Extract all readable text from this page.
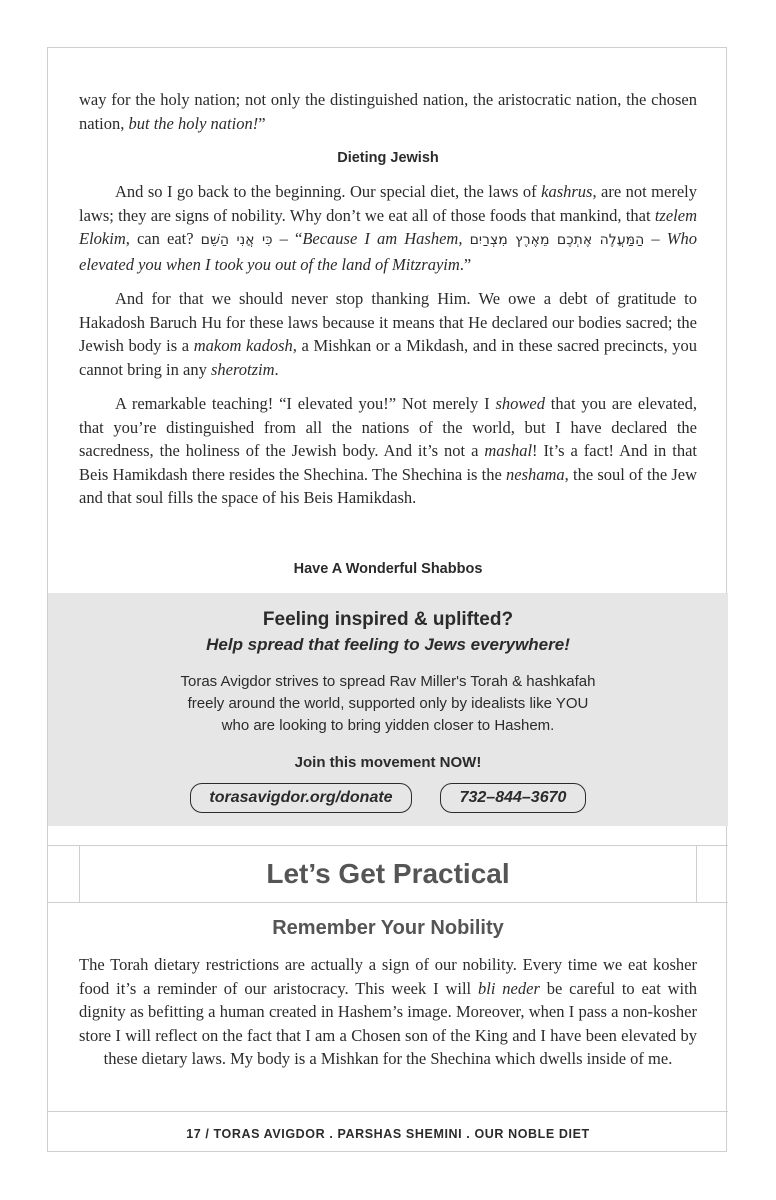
way for the holy nation; not only the distinguished nation, the aristocratic nation, the chosen nation, but the holy nation!”

Dieting Jewish

And so I go back to the beginning. Our special diet, the laws of kashrus, are not merely laws; they are signs of nobility. Why don’t we eat all of those foods that mankind, that tzelem Elokim, can eat? כִּי אֲנִי הַשֵּׁם – “Because I am Hashem, הַמַּעֲלֶה אֶתְכֶם מֵאֶרֶץ מִצְרַיִם – Who elevated you when I took you out of the land of Mitzrayim.”

And for that we should never stop thanking Him. We owe a debt of gratitude to Hakadosh Baruch Hu for these laws because it means that He declared our bodies sacred; the Jewish body is a makom kadosh, a Mishkan or a Mikdash, and in these sacred precincts, you cannot bring in any sherotzim.

A remarkable teaching! “I elevated you!” Not merely I showed that you are elevated, that you’re distinguished from all the nations of the world, but I have declared the sacredness, the holiness of the Jewish body. And it’s not a mashal! It’s a fact! And in that Beis Hamikdash there resides the Shechina. The Shechina is the neshama, the soul of the Jew and that soul fills the space of his Beis Hamikdash.

Have A Wonderful Shabbos
Feeling inspired & uplifted?
Help spread that feeling to Jews everywhere!
Toras Avigdor strives to spread Rav Miller's Torah & hashkafah
freely around the world, supported only by idealists like YOU
who are looking to bring yidden closer to Hashem.
Join this movement NOW!
torasavigdor.org/donate	732–844–3670
Let’s Get Practical
Remember Your Nobility
The Torah dietary restrictions are actually a sign of our nobility. Every time we eat kosher food it’s a reminder of our aristocracy. This week I will bli neder be careful to eat with dignity as befitting a human created in Hashem’s image. Moreover, when I pass a non-kosher store I will reflect on the fact that I am a Chosen son of the King and I have been elevated by these dietary laws. My body is a Mishkan for the Shechina which dwells inside of me.
17 / TORAS AVIGDOR . PARSHAS SHEMINI . OUR NOBLE DIET
